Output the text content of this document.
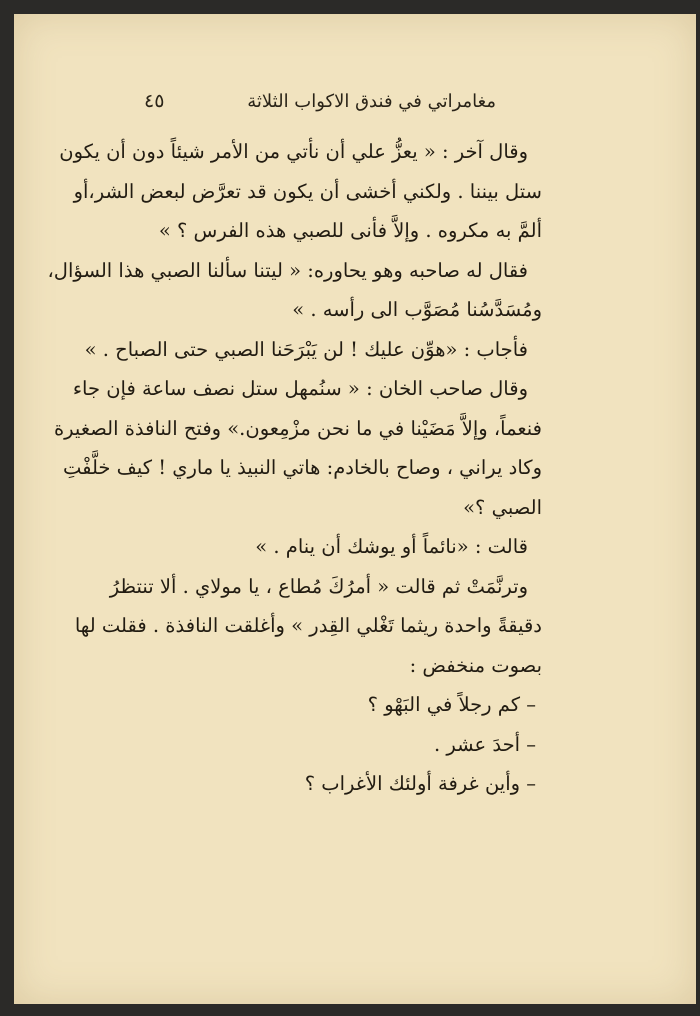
مغامراتي في فندق الاكواب الثلاثة
٤٥
وقال آخر : « يعزُّ علي أن نأتي من الأمر شيئاً دون أن يكون
ستل بيننا . ولكني أخشى أن يكون قد تعرَّض لبعض الشر،أو
ألمَّ به مكروه . وإلاَّ فأنى للصبي هذه الفرس ؟ »
فقال له صاحبه وهو يحاوره: « ليتنا سألنا الصبي هذا السؤال،
ومُسَدَّسُنا مُصَوَّب الى رأسه . »
فأجاب : «هوِّن عليك ! لن يَبْرَحَنا الصبي حتى الصباح . »
وقال صاحب الخان : « سنُمهل ستل نصف ساعة فإن جاء
فنعماً، وإلاَّ مَضَيْنا في ما نحن مزْمِعون.» وفتح النافذة الصغيرة
وكاد يراني ، وصاح بالخادم: هاتي النبيذ يا ماري ! كيف خلَّفْتِ
الصبي ؟»
قالت : «نائماً أو يوشك أن ينام . »
وترنَّمَتْ ثم قالت « أمرُكَ مُطاع ، يا مولاي . ألا تنتظرُ
دقيقةً واحدة ريثما تَغْلي القِدر » وأغلقت النافذة . فقلت لها
بصوت منخفض :
– كم رجلاً في البَهْو ؟
– أحدَ عشر .
– وأين غرفة أولئك الأغراب ؟
